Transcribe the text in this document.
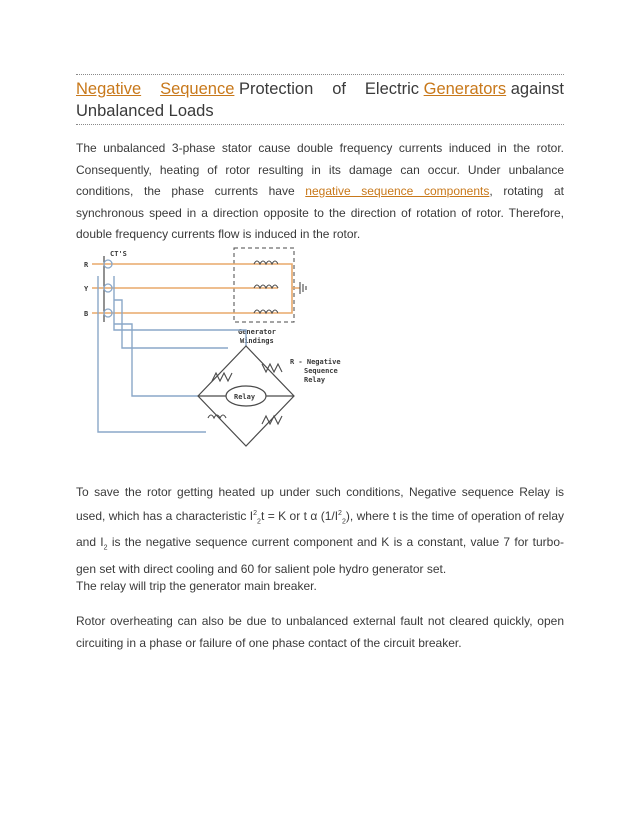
Negative Sequence Protection of Electric Generators against
Unbalanced Loads
The unbalanced 3-phase stator cause double frequency currents induced in the rotor. Consequently, heating of rotor resulting in its damage can occur. Under unbalance conditions, the phase currents have negative sequence components, rotating at synchronous speed in a direction opposite to the direction of rotation of rotor. Therefore, double frequency currents flow is induced in the rotor.
CT'S
R
Y
B
Generator
Windings
Relay
R - Negative
Sequence
Relay
To save the rotor getting heated up under such conditions, Negative sequence Relay is used, which has a characteristic $I^2_2t = K$ or t α $(1/I^2_2)$, where t is the time of operation of relay and $I_2$ is the negative sequence current component and K is a constant, value 7 for turbo-gen set with direct cooling and 60 for salient pole hydro generator set.
The relay will trip the generator main breaker.
Rotor overheating can also be due to unbalanced external fault not cleared quickly, open circuiting in a phase or failure of one phase contact of the circuit breaker.
